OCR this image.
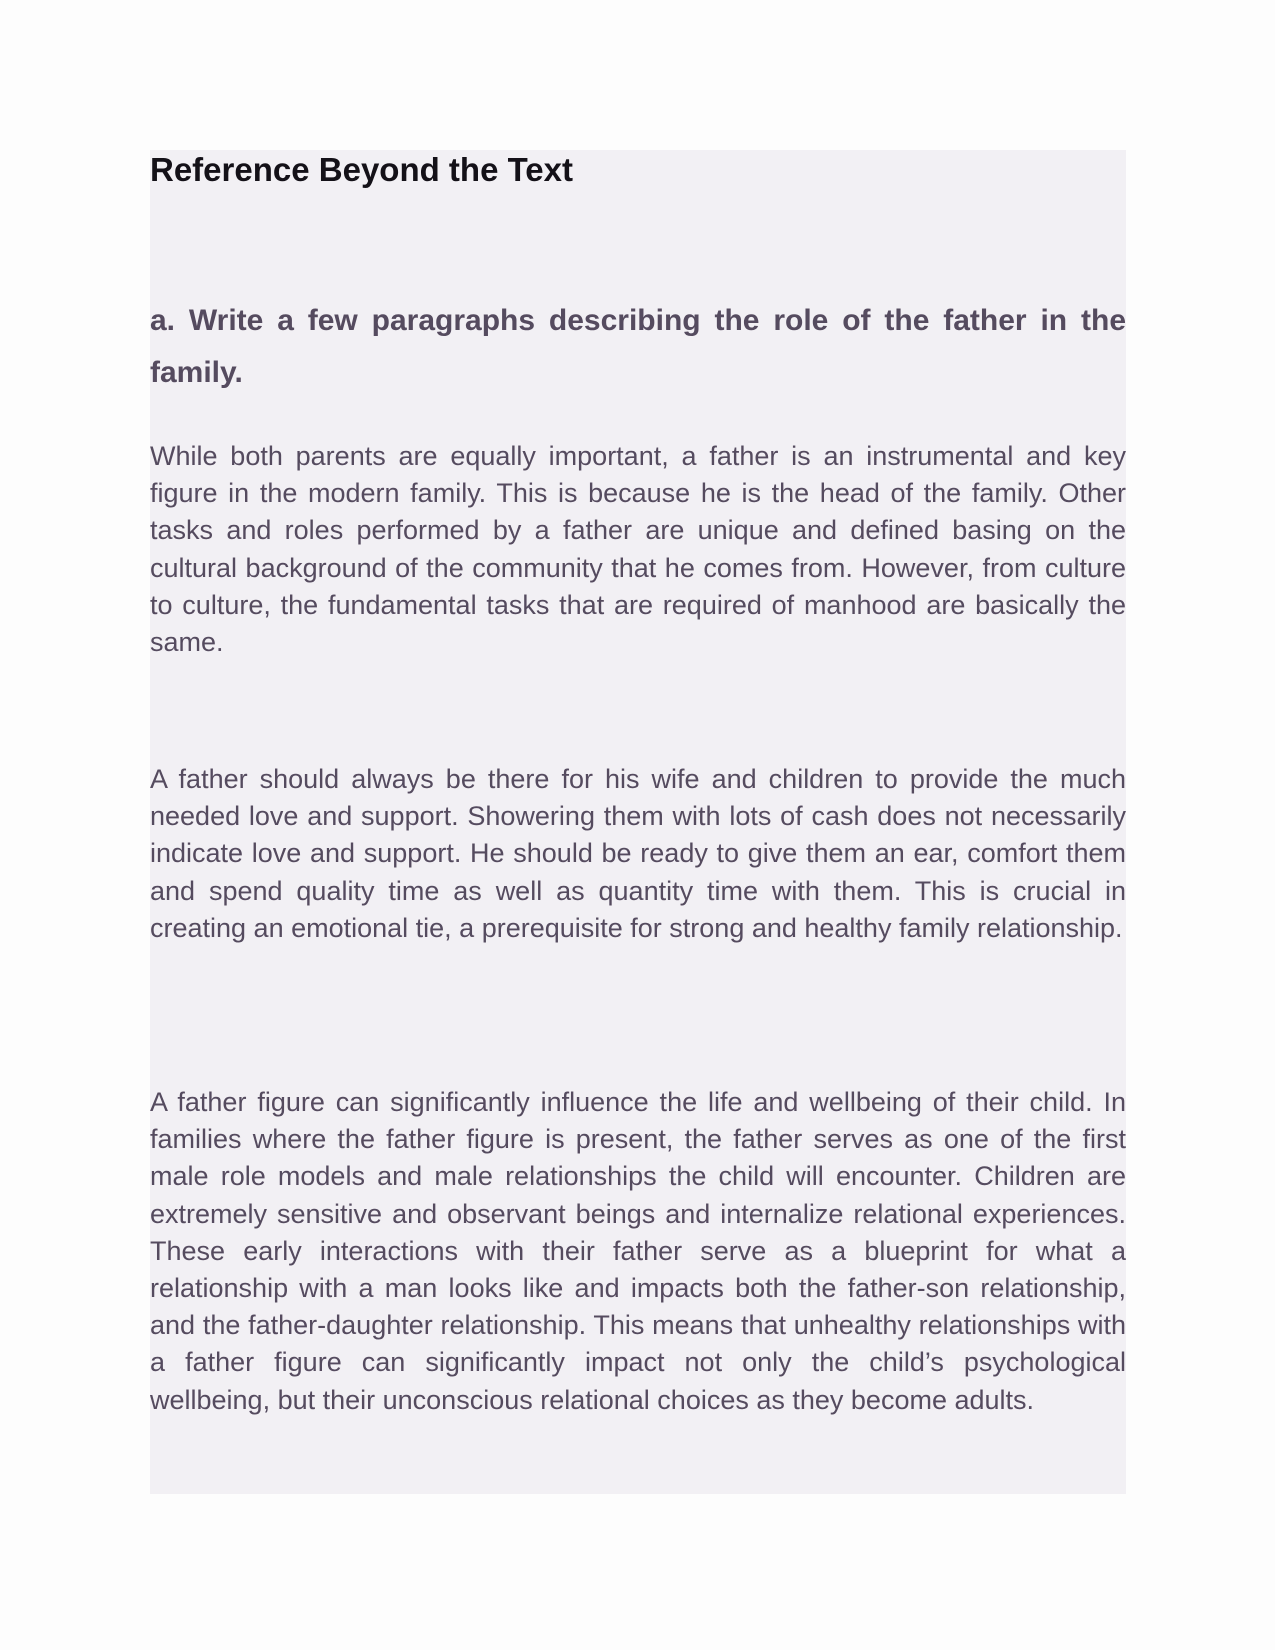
Reference Beyond the Text
a. Write a few paragraphs describing the role of the father in the family.

While both parents are equally important, a father is an instrumental and key figure in the modern family. This is because he is the head of the family. Other tasks and roles performed by a father are unique and defined basing on the cultural background of the community that he comes from. However, from culture to culture, the fundamental tasks that are required of manhood are basically the same.

A father should always be there for his wife and children to provide the much needed love and support. Showering them with lots of cash does not necessarily indicate love and support. He should be ready to give them an ear, comfort them and spend quality time as well as quantity time with them. This is crucial in creating an emotional tie, a prerequisite for strong and healthy family relationship.

A father figure can significantly influence the life and wellbeing of their child. In families where the father figure is present, the father serves as one of the first male role models and male relationships the child will encounter. Children are extremely sensitive and observant beings and internalize relational experiences. These early interactions with their father serve as a blueprint for what a relationship with a man looks like and impacts both the father-son relationship, and the father-daughter relationship. This means that unhealthy relationships with a father figure can significantly impact not only the child’s psychological wellbeing, but their unconscious relational choices as they become adults.
